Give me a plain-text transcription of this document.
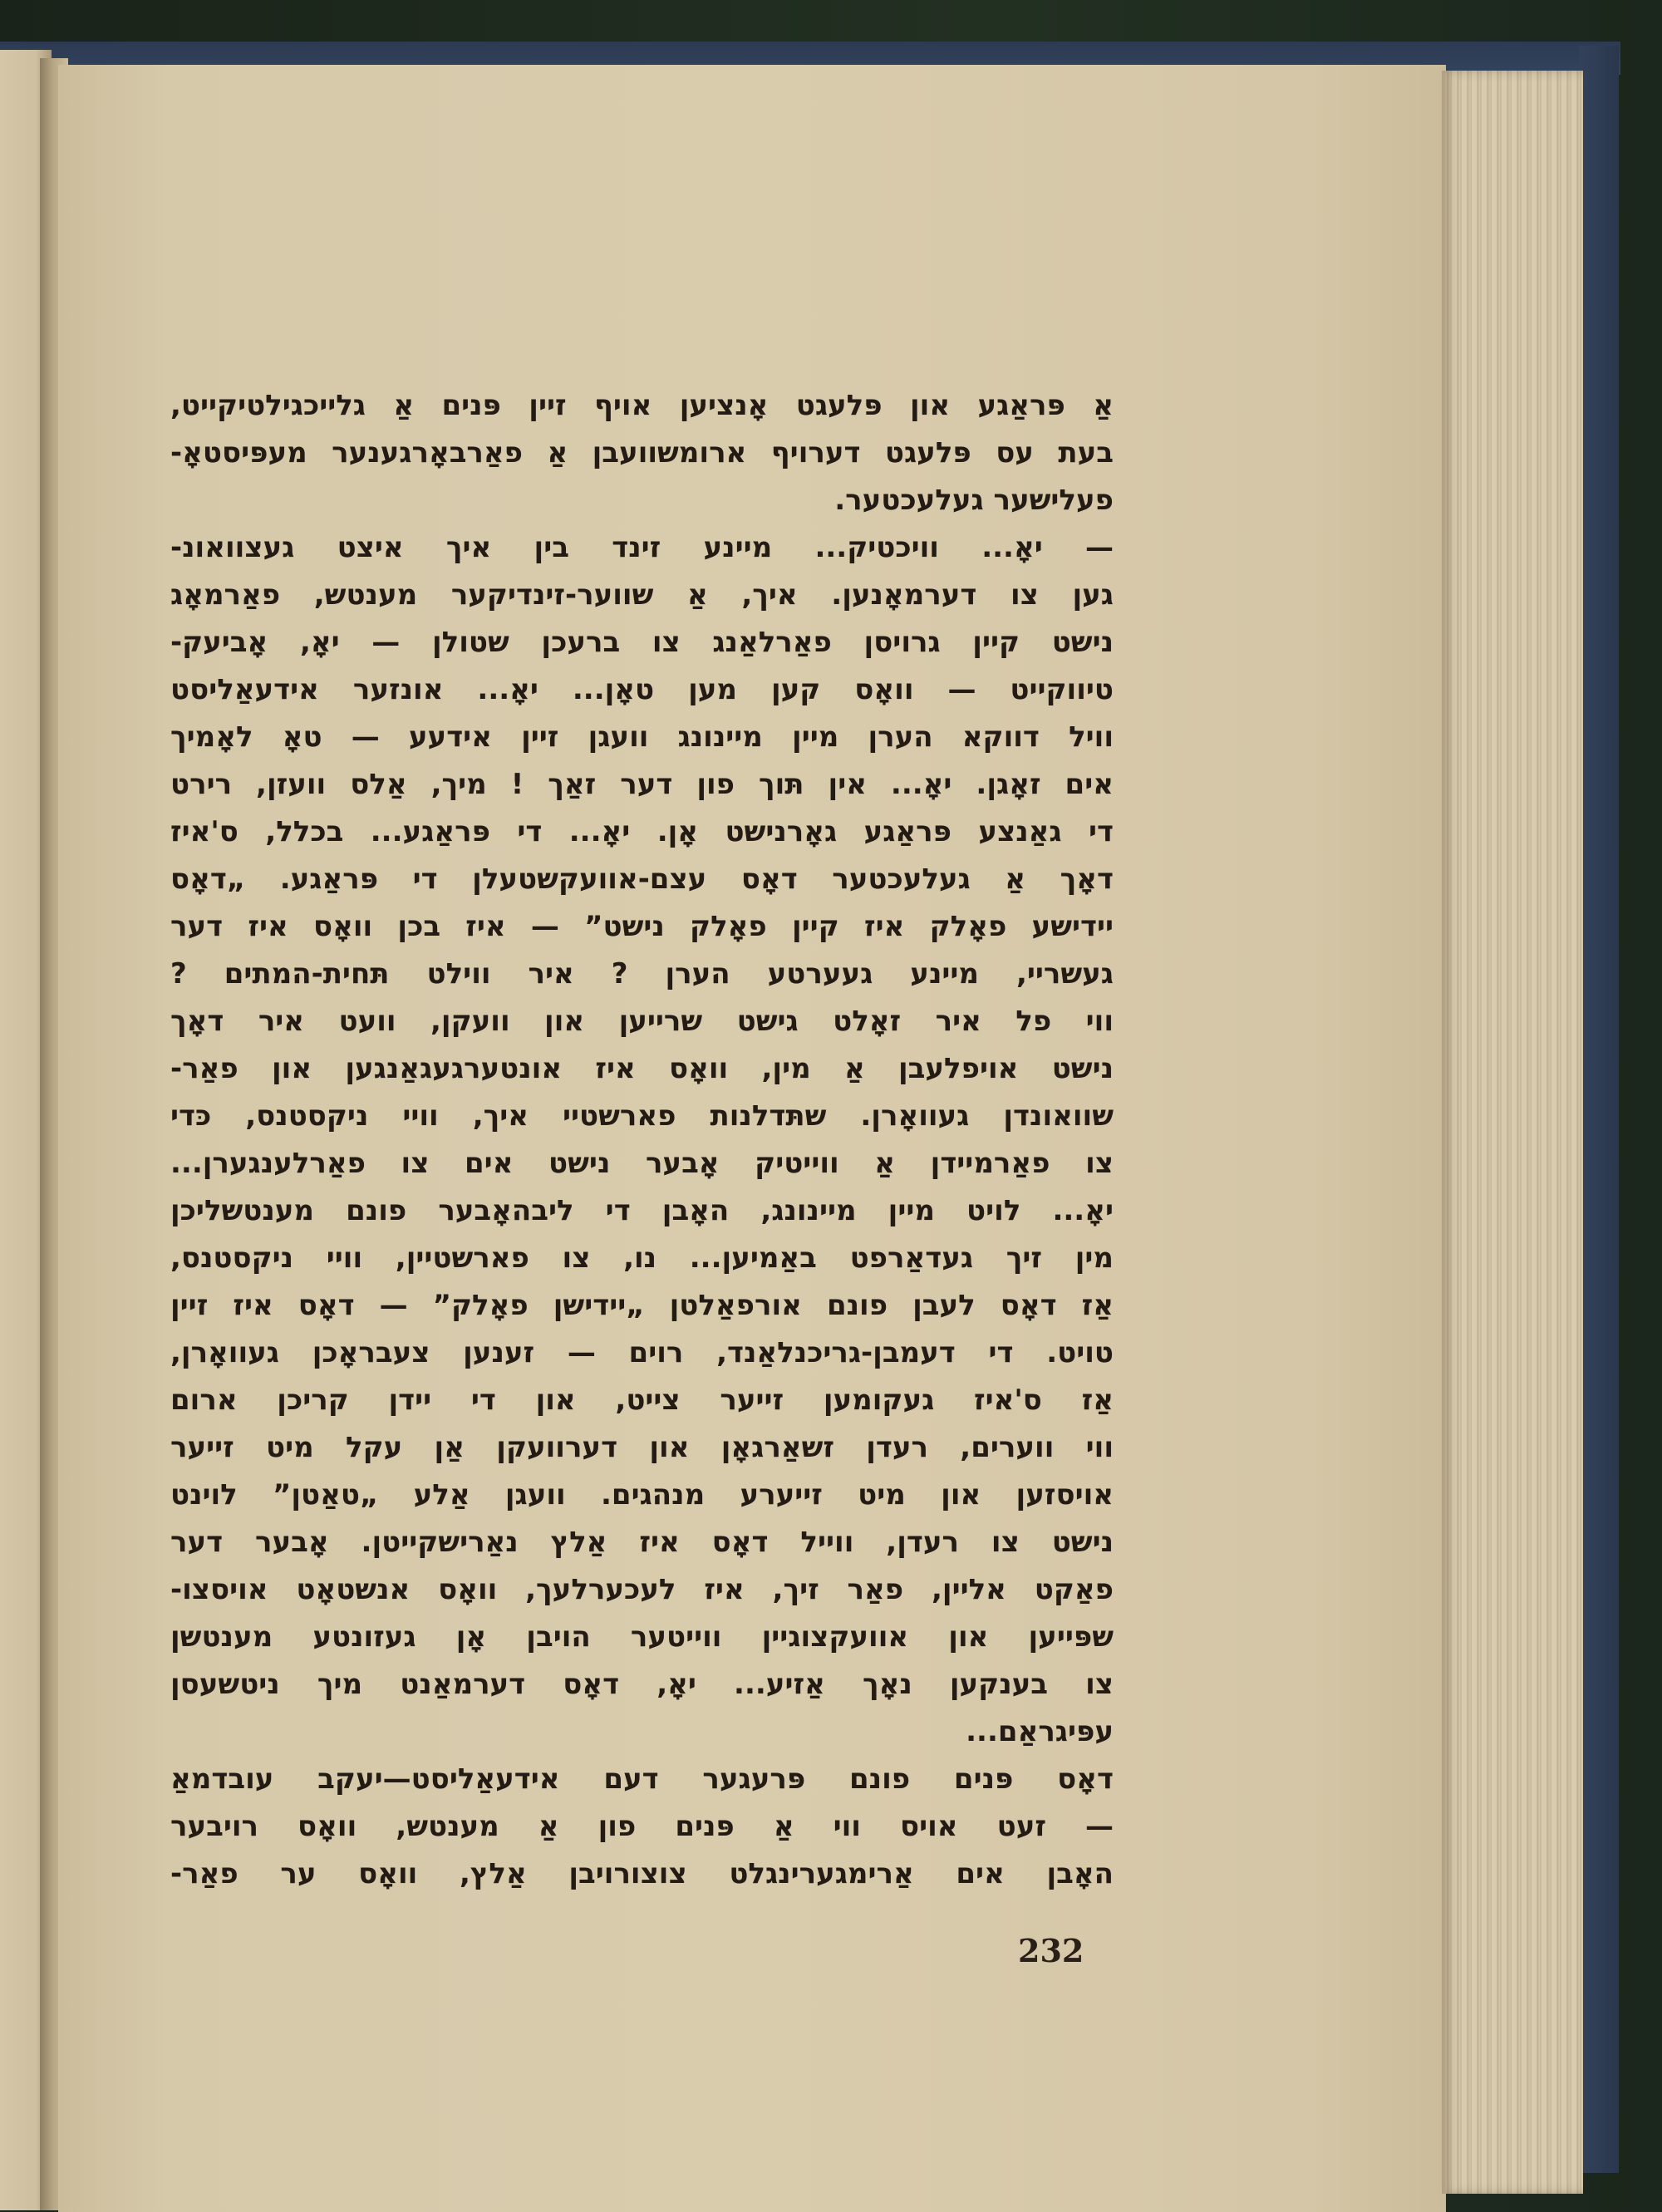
אַ פּראַגע און פּלעגט אָנציען אויף זיין פּנים אַ גלייכגילטיקייט,
בעת עס פּלעגט דערויף ארומשוועבן אַ פאַרבאָרגענער מעפּיסטאָ-
פעלישער געלעכטער.
— יאָ... וויכטיק... מיינע זינד בין איך איצט געצוואונ-
גען צו דערמאָנען. איך, אַ שווער-זינדיקער מענטש, פאַרמאָג
נישט קיין גרויסן פאַרלאַנג צו ברעכן שטולן — יאָ, אָביעק-
טיווקייט — וואָס קען מען טאָן... יאָ... אונזער אידעאַליסט
וויל דווקא הערן מיין מיינונג וועגן זיין אידעע — טאָ לאָמיך
אים זאָגן. יאָ... אין תּוך פון דער זאַך ! מיך, אַלס וועזן, רירט
די גאַנצע פּראַגע גאָרנישט אָן. יאָ... די פּראַגע... בכלל, ס'איז
דאָך אַ געלעכטער דאָס עצם-אוועקשטעלן די פּראַגע. „דאָס
יידישע פאָלק איז קיין פאָלק נישט” — איז בכן וואָס איז דער
געשריי, מיינע געערטע הערן ? איר ווילט תּחית-המתים ?
ווי פל איר זאָלט גישט שרייען און וועקן, וועט איר דאָך
נישט אויפלעבן אַ מין, וואָס איז אונטערגעגאַנגען און פאַר-
שוואונדן געוואָרן. שתּדלנות פארשטיי איך, וויי ניקסטנס, כּדי
צו פאַרמיידן אַ ווייטיק אָבער נישט אים צו פאַרלענגערן...
יאָ... לויט מיין מיינונג, האָבן די ליבהאָבער פונם מענטשליכן
מין זיך געדאַרפט באַמיען... נו, צו פארשטיין, וויי ניקסטנס,
אַז דאָס לעבן פונם אורפאַלטן „יידישן פאָלק” — דאָס איז זיין
טויט. די דעמבן-גריכנלאַנד, רוים — זענען צעבראָכן געוואָרן,
אַז ס'איז געקומען זייער צייט, און די יידן קריכן ארום
ווי ווערים, רעדן זשאַרגאָן און דערוועקן אַן עקל מיט זייער
אויסזען און מיט זייערע מנהגים. וועגן אַלע „טאַטן” לוינט
נישט צו רעדן, ווייל דאָס איז אַלץ נאַרישקייטן. אָבער דער
פאַקט אליין, פאַר זיך, איז לעכערלעך, וואָס אנשטאָט אויסצו-
שפּייען און אוועקצוגיין ווייטער הויבן אָן געזונטע מענטשן
צו בענקען נאָך אַזיע... יאָ, דאָס דערמאַנט מיך ניטשעסן
עפּיגראַם...
דאָס פּנים פונם פּרעגער דעם אידעאַליסט—יעקב עובדמאַ
— זעט אויס ווי אַ פּנים פון אַ מענטש, וואָס רויבער
האָבן אים אַרימגערינגלט צוצורויבן אַלץ, וואָס ער פאַר-
232
